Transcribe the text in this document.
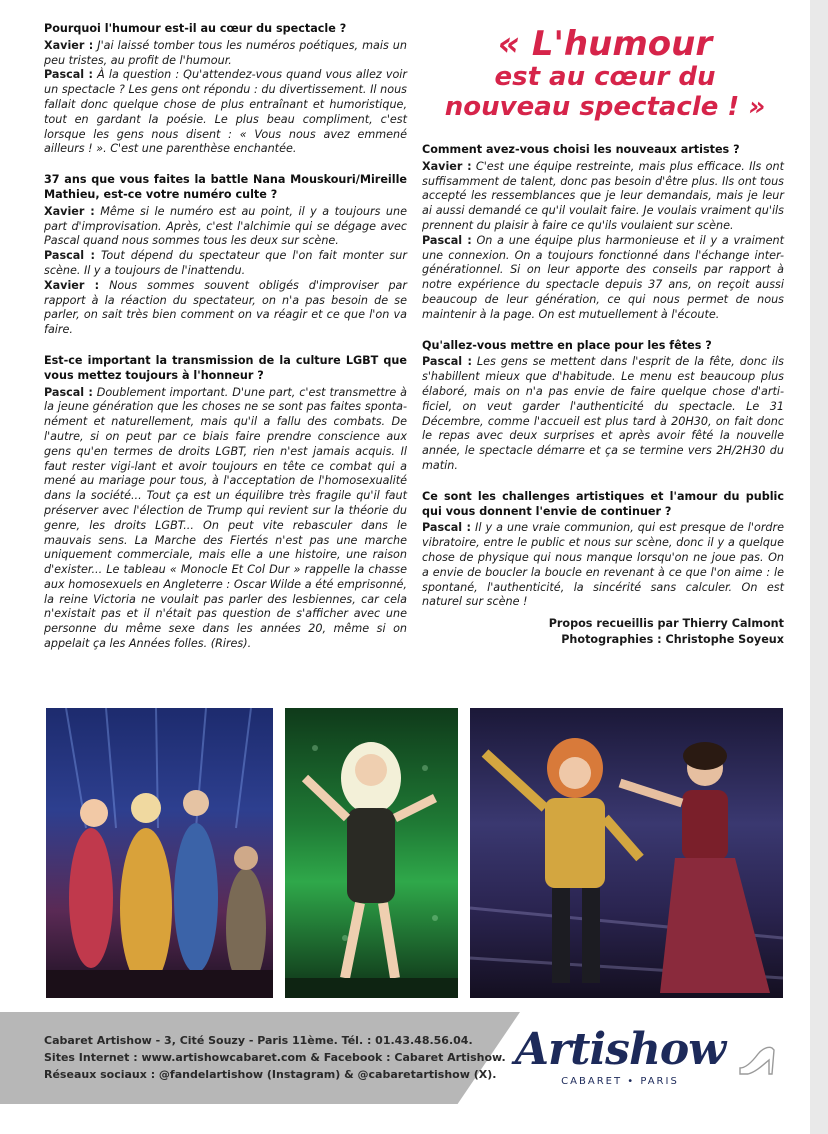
Pourquoi l'humour est-il au cœur du spectacle ?
Xavier : J'ai laissé tomber tous les numéros poétiques, mais un peu tristes, au profit de l'humour.
Pascal : À la question : Qu'attendez-vous quand vous allez voir un spectacle ? Les gens ont répondu : du divertissement. Il nous fallait donc quelque chose de plus entraînant et humoristique, tout en gardant la poésie. Le plus beau compliment, c'est lorsque les gens nous disent : « Vous nous avez emmené ailleurs ! ». C'est une parenthèse enchantée.
37 ans que vous faites la battle Nana Mouskouri/Mireille Mathieu, est-ce votre numéro culte ?
Xavier : Même si le numéro est au point, il y a toujours une part d'improvisation. Après, c'est l'alchimie qui se dégage avec Pascal quand nous sommes tous les deux sur scène.
Pascal : Tout dépend du spectateur que l'on fait monter sur scène. Il y a toujours de l'inattendu.
Xavier : Nous sommes souvent obligés d'improviser par rapport à la réaction du spectateur, on n'a pas besoin de se parler, on sait très bien comment on va réagir et ce que l'on va faire.
Est-ce important la transmission de la culture LGBT que vous mettez toujours à l'honneur ?
Pascal : Doublement important. D'une part, c'est transmettre à la jeune génération que les choses ne se sont pas faites sponta-nément et naturellement, mais qu'il a fallu des combats. De l'autre, si on peut par ce biais faire prendre conscience aux gens qu'en termes de droits LGBT, rien n'est jamais acquis. Il faut rester vigi-lant et avoir toujours en tête ce combat qui a mené au mariage pour tous, à l'acceptation de l'homosexualité dans la société... Tout ça est un équilibre très fragile qu'il faut préserver avec l'élection de Trump qui revient sur la théorie du genre, les droits LGBT... On peut vite rebasculer dans le mauvais sens. La Marche des Fiertés n'est pas une marche uniquement commerciale, mais elle a une histoire, une raison d'exister... Le tableau « Monocle Et Col Dur » rappelle la chasse aux homosexuels en Angleterre : Oscar Wilde a été emprisonné, la reine Victoria ne voulait pas parler des lesbiennes, car cela n'existait pas et il n'était pas question de s'afficher avec une personne du même sexe dans les années 20, même si on appelait ça les Années folles. (Rires).
« L'humour
est au cœur du
nouveau spectacle ! »
Comment avez-vous choisi les nouveaux artistes ?
Xavier : C'est une équipe restreinte, mais plus efficace. Ils ont suffisamment de talent, donc pas besoin d'être plus. Ils ont tous accepté les ressemblances que je leur demandais, mais je leur ai aussi demandé ce qu'il voulait faire. Je voulais vraiment qu'ils prennent du plaisir à faire ce qu'ils voulaient sur scène.
Pascal : On a une équipe plus harmonieuse et il y a vraiment une connexion. On a toujours fonctionné dans l'échange inter-générationnel. Si on leur apporte des conseils par rapport à notre expérience du spectacle depuis 37 ans, on reçoit aussi beaucoup de leur génération, ce qui nous permet de nous maintenir à la page. On est mutuellement à l'écoute.
Qu'allez-vous mettre en place pour les fêtes ?
Pascal : Les gens se mettent dans l'esprit de la fête, donc ils s'habillent mieux que d'habitude. Le menu est beaucoup plus élaboré, mais on n'a pas envie de faire quelque chose d'arti-ficiel, on veut garder l'authenticité du spectacle. Le 31 Décembre, comme l'accueil est plus tard à 20H30, on fait donc le repas avec deux surprises et après avoir fêté la nouvelle année, le spectacle démarre et ça se termine vers 2H/2H30 du matin.
Ce sont les challenges artistiques et l'amour du public qui vous donnent l'envie de continuer ?
Pascal : Il y a une vraie communion, qui est presque de l'ordre vibratoire, entre le public et nous sur scène, donc il y a quelque chose de physique qui nous manque lorsqu'on ne joue pas. On a envie de boucler la boucle en revenant à ce que l'on aime : le spontané, l'authenticité, la sincérité sans calculer. On est naturel sur scène !
Propos recueillis par Thierry Calmont
Photographies : Christophe Soyeux
Cabaret Artishow - 3, Cité Souzy - Paris 11ème. Tél. : 01.43.48.56.04.
Sites Internet : www.artishowcabaret.com & Facebook : Cabaret Artishow.
Réseaux sociaux : @fandelartishow (Instagram) & @cabaretartishow (X). Artishow
CABARET • PARIS
